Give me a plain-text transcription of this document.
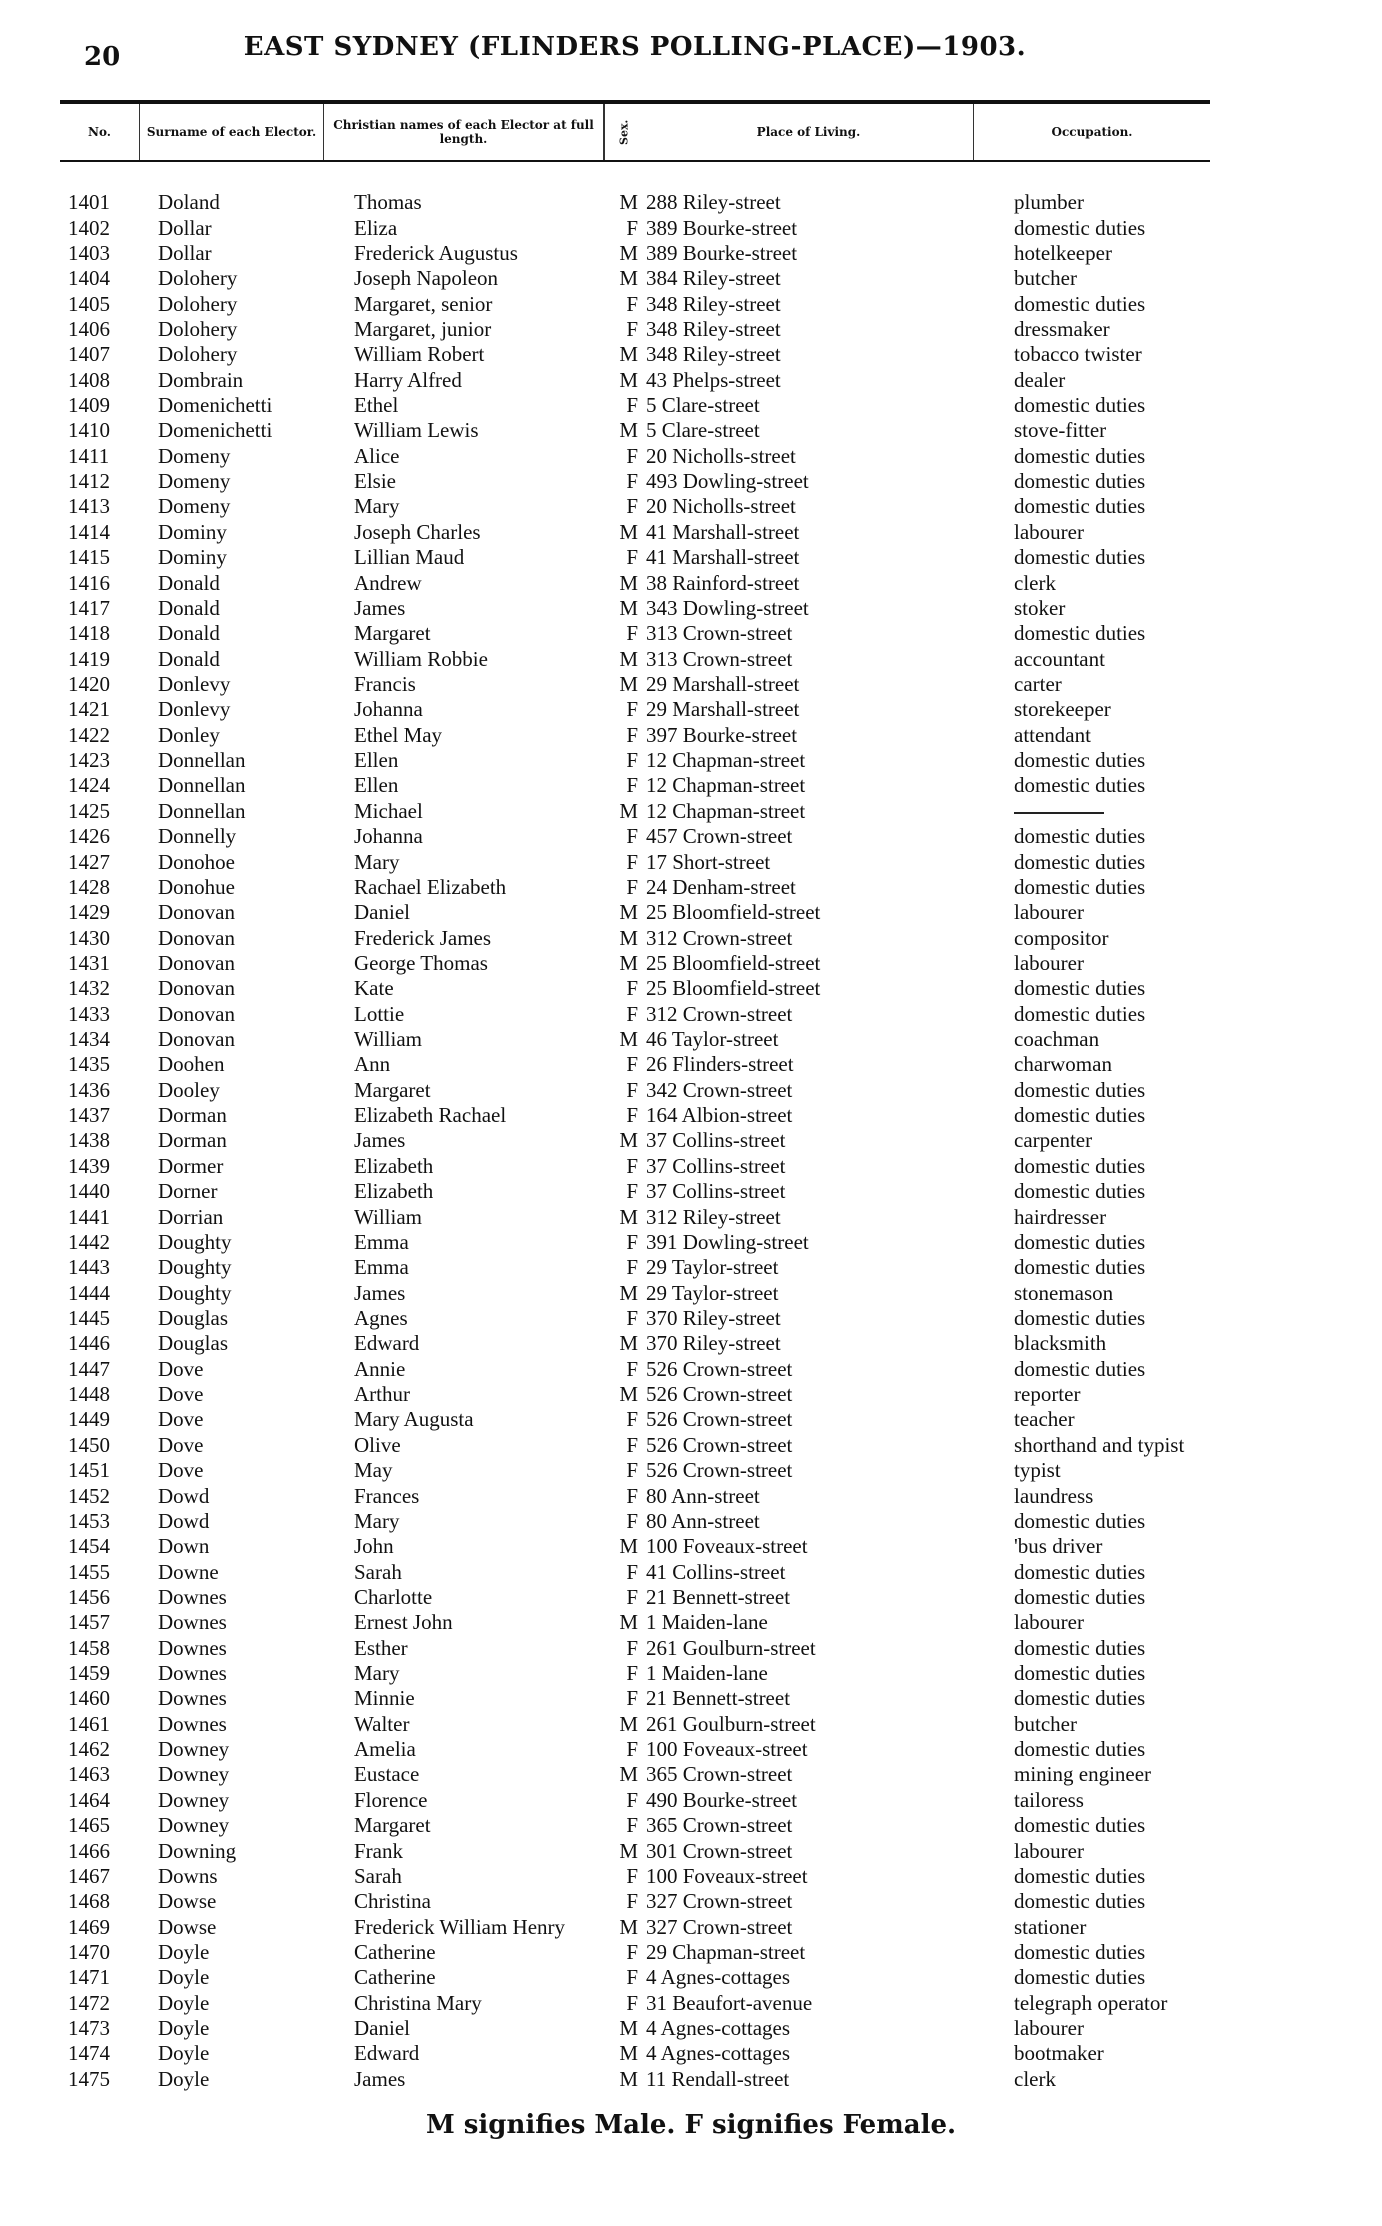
20	EAST SYDNEY (FLINDERS POLLING-PLACE)—1903.
No.	Surname of each Elector.	Christian names of each Elector at full length.	Sex.	Place of Living.	Occupation.
1401	Doland	Thomas	M 288 Riley-street	plumber
1402	Dollar	Eliza	F 389 Bourke-street	domestic duties
1403	Dollar	Frederick Augustus	M 389 Bourke-street	hotelkeeper
1404	Dolohery	Joseph Napoleon	M 384 Riley-street	butcher
1405	Dolohery	Margaret, senior	F 348 Riley-street	domestic duties
1406	Dolohery	Margaret, junior	F 348 Riley-street	dressmaker
1407	Dolohery	William Robert	M 348 Riley-street	tobacco twister
1408	Dombrain	Harry Alfred	M 43 Phelps-street	dealer
1409	Domenichetti	Ethel	F 5 Clare-street	domestic duties
1410	Domenichetti	William Lewis	M 5 Clare-street	stove-fitter
1411	Domeny	Alice	F 20 Nicholls-street	domestic duties
1412	Domeny	Elsie	F 493 Dowling-street	domestic duties
1413	Domeny	Mary	F 20 Nicholls-street	domestic duties
1414	Dominy	Joseph Charles	M 41 Marshall-street	labourer
1415	Dominy	Lillian Maud	F 41 Marshall-street	domestic duties
1416	Donald	Andrew	M 38 Rainford-street	clerk
1417	Donald	James	M 343 Dowling-street	stoker
1418	Donald	Margaret	F 313 Crown-street	domestic duties
1419	Donald	William Robbie	M 313 Crown-street	accountant
1420	Donlevy	Francis	M 29 Marshall-street	carter
1421	Donlevy	Johanna	F 29 Marshall-street	storekeeper
1422	Donley	Ethel May	F 397 Bourke-street	attendant
1423	Donnellan	Ellen	F 12 Chapman-street	domestic duties
1424	Donnellan	Ellen	F 12 Chapman-street	domestic duties
1425	Donnellan	Michael	M 12 Chapman-street
1426	Donnelly	Johanna	F 457 Crown-street	domestic duties
1427	Donohoe	Mary	F 17 Short-street	domestic duties
1428	Donohue	Rachael Elizabeth	F 24 Denham-street	domestic duties
1429	Donovan	Daniel	M 25 Bloomfield-street	labourer
1430	Donovan	Frederick James	M 312 Crown-street	compositor
1431	Donovan	George Thomas	M 25 Bloomfield-street	labourer
1432	Donovan	Kate	F 25 Bloomfield-street	domestic duties
1433	Donovan	Lottie	F 312 Crown-street	domestic duties
1434	Donovan	William	M 46 Taylor-street	coachman
1435	Doohen	Ann	F 26 Flinders-street	charwoman
1436	Dooley	Margaret	F 342 Crown-street	domestic duties
1437	Dorman	Elizabeth Rachael	F 164 Albion-street	domestic duties
1438	Dorman	James	M 37 Collins-street	carpenter
1439	Dormer	Elizabeth	F 37 Collins-street	domestic duties
1440	Dorner	Elizabeth	F 37 Collins-street	domestic duties
1441	Dorrian	William	M 312 Riley-street	hairdresser
1442	Doughty	Emma	F 391 Dowling-street	domestic duties
1443	Doughty	Emma	F 29 Taylor-street	domestic duties
1444	Doughty	James	M 29 Taylor-street	stonemason
1445	Douglas	Agnes	F 370 Riley-street	domestic duties
1446	Douglas	Edward	M 370 Riley-street	blacksmith
1447	Dove	Annie	F 526 Crown-street	domestic duties
1448	Dove	Arthur	M 526 Crown-street	reporter
1449	Dove	Mary Augusta	F 526 Crown-street	teacher
1450	Dove	Olive	F 526 Crown-street	shorthand and typist
1451	Dove	May	F 526 Crown-street	typist
1452	Dowd	Frances	F 80 Ann-street	laundress
1453	Dowd	Mary	F 80 Ann-street	domestic duties
1454	Down	John	M 100 Foveaux-street	'bus driver
1455	Downe	Sarah	F 41 Collins-street	domestic duties
1456	Downes	Charlotte	F 21 Bennett-street	domestic duties
1457	Downes	Ernest John	M 1 Maiden-lane	labourer
1458	Downes	Esther	F 261 Goulburn-street	domestic duties
1459	Downes	Mary	F 1 Maiden-lane	domestic duties
1460	Downes	Minnie	F 21 Bennett-street	domestic duties
1461	Downes	Walter	M 261 Goulburn-street	butcher
1462	Downey	Amelia	F 100 Foveaux-street	domestic duties
1463	Downey	Eustace	M 365 Crown-street	mining engineer
1464	Downey	Florence	F 490 Bourke-street	tailoress
1465	Downey	Margaret	F 365 Crown-street	domestic duties
1466	Downing	Frank	M 301 Crown-street	labourer
1467	Downs	Sarah	F 100 Foveaux-street	domestic duties
1468	Dowse	Christina	F 327 Crown-street	domestic duties
1469	Dowse	Frederick William Henry	M 327 Crown-street	stationer
1470	Doyle	Catherine	F 29 Chapman-street	domestic duties
1471	Doyle	Catherine	F 4 Agnes-cottages	domestic duties
1472	Doyle	Christina Mary	F 31 Beaufort-avenue	telegraph operator
1473	Doyle	Daniel	M 4 Agnes-cottages	labourer
1474	Doyle	Edward	M 4 Agnes-cottages	bootmaker
1475	Doyle	James	M 11 Rendall-street	clerk
M signifies Male. F signifies Female.
